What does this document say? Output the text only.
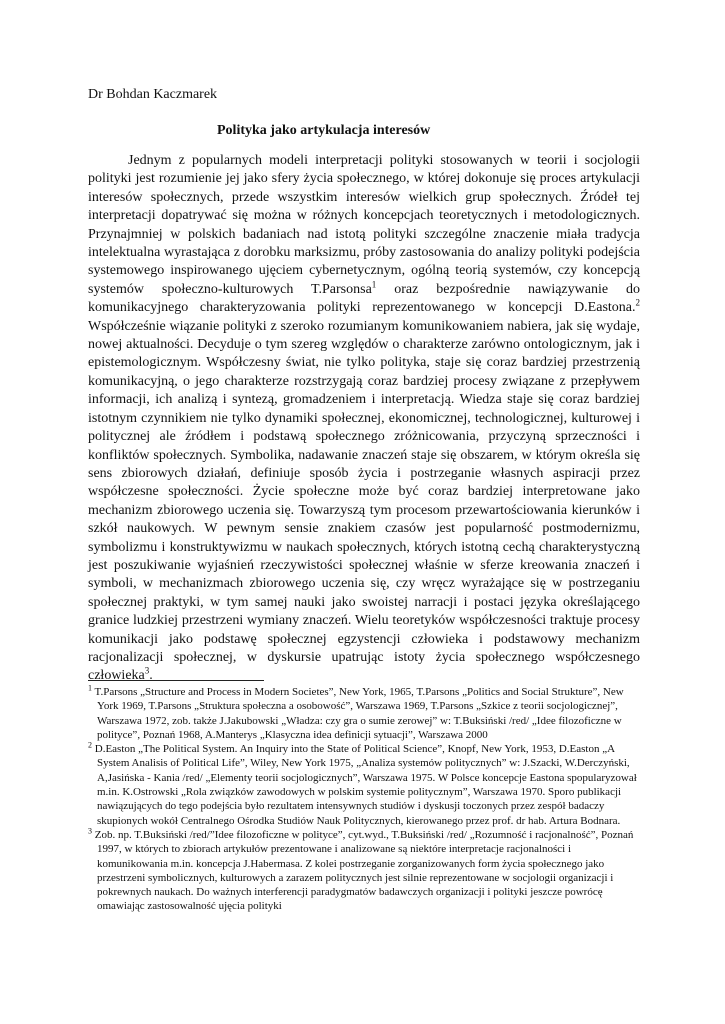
Dr Bohdan Kaczmarek
Polityka jako artykulacja interesów

Jednym z popularnych modeli interpretacji polityki stosowanych w teorii i socjologii polityki jest rozumienie jej jako sfery życia społecznego, w której dokonuje się proces artykulacji interesów społecznych, przede wszystkim interesów wielkich grup społecznych. Źródeł tej interpretacji dopatrywać się można w różnych koncepcjach teoretycznych i metodologicznych. Przynajmniej w polskich badaniach nad istotą polityki szczególne znaczenie miała tradycja intelektualna wyrastająca z dorobku marksizmu, próby zastosowania do analizy polityki podejścia systemowego inspirowanego ujęciem cybernetycznym, ogólną teorią systemów, czy koncepcją systemów społeczno-kulturowych T.Parsonsa$^1$ oraz bezpośrednie nawiązywanie do komunikacyjnego charakteryzowania polityki reprezentowanego w koncepcji D.Eastona.$^2$ Współcześnie wiązanie polityki z szeroko rozumianym komunikowaniem nabiera, jak się wydaje, nowej aktualności. Decyduje o tym szereg względów o charakterze zarówno ontologicznym, jak i epistemologicznym. Współczesny świat, nie tylko polityka, staje się coraz bardziej przestrzenią komunikacyjną, o jego charakterze rozstrzygają coraz bardziej procesy związane z przepływem informacji, ich analizą i syntezą, gromadzeniem i interpretacją. Wiedza staje się coraz bardziej istotnym czynnikiem nie tylko dynamiki społecznej, ekonomicznej, technologicznej, kulturowej i politycznej ale źródłem i podstawą społecznego zróżnicowania, przyczyną sprzeczności i konfliktów społecznych. Symbolika, nadawanie znaczeń staje się obszarem, w którym określa się sens zbiorowych działań, definiuje sposób życia i postrzeganie własnych aspiracji przez współczesne społeczności. Życie społeczne może być coraz bardziej interpretowane jako mechanizm zbiorowego uczenia się. Towarzyszą tym procesom przewartościowania kierunków i szkół naukowych. W pewnym sensie znakiem czasów jest popularność postmodernizmu, symbolizmu i konstruktywizmu w naukach społecznych, których istotną cechą charakterystyczną jest poszukiwanie wyjaśnień rzeczywistości społecznej właśnie w sferze kreowania znaczeń i symboli, w mechanizmach zbiorowego uczenia się, czy wręcz wyrażające się w postrzeganiu społecznej praktyki, w tym samej nauki jako swoistej narracji i postaci języka określającego granice ludzkiej przestrzeni wymiany znaczeń. Wielu teoretyków współczesności traktuje procesy komunikacji jako podstawę społecznej egzystencji człowieka i podstawowy mechanizm racjonalizacji społecznej, w dyskursie upatrując istoty życia społecznego współczesnego człowieka$^3$.

$^1$ T.Parsons „Structure and Process in Modern Societes”, New York, 1965, T.Parsons „Politics and Social Strukture”, New York 1969, T.Parsons „Struktura społeczna a osobowość”, Warszawa 1969, T.Parsons „Szkice z teorii socjologicznej”, Warszawa 1972, zob. także J.Jakubowski „Władza: czy gra o sumie zerowej” w: T.Buksiński /red/ „Idee filozoficzne w polityce”, Poznań 1968, A.Manterys „Klasyczna idea definicji sytuacji”, Warszawa 2000

$^2$ D.Easton „The Political System. An Inquiry into the State of Political Science”, Knopf, New York, 1953, D.Easton „A System Analisis of Political Life”, Wiley, New York 1975, „Analiza systemów politycznych” w: J.Szacki, W.Derczyński, A,Jasińska - Kania /red/ „Elementy teorii socjologicznych”, Warszawa 1975. W Polsce koncepcje Eastona spopularyzował m.in. K.Ostrowski „Rola związków zawodowych w polskim systemie politycznym”, Warszawa 1970. Sporo publikacji nawiązujących do tego podejścia było rezultatem intensywnych studiów i dyskusji toczonych przez zespół badaczy skupionych wokół Centralnego Ośrodka Studiów Nauk Politycznych, kierowanego przez prof. dr hab. Artura Bodnara.

$^3$ Zob. np. T.Buksiński /red/”Idee filozoficzne w polityce”, cyt.wyd., T.Buksiński /red/ „Rozumność i racjonalność”, Poznań 1997, w których to zbiorach artykułów prezentowane i analizowane są niektóre interpretacje racjonalności i komunikowania m.in. koncepcja J.Habermasa. Z kolei postrzeganie zorganizowanych form życia społecznego jako przestrzeni symbolicznych, kulturowych a zarazem politycznych jest silnie reprezentowane w socjologii organizacji i pokrewnych naukach. Do ważnych interferencji paradygmatów badawczych organizacji i polityki jeszcze powrócę omawiając zastosowalność ujęcia polityki
